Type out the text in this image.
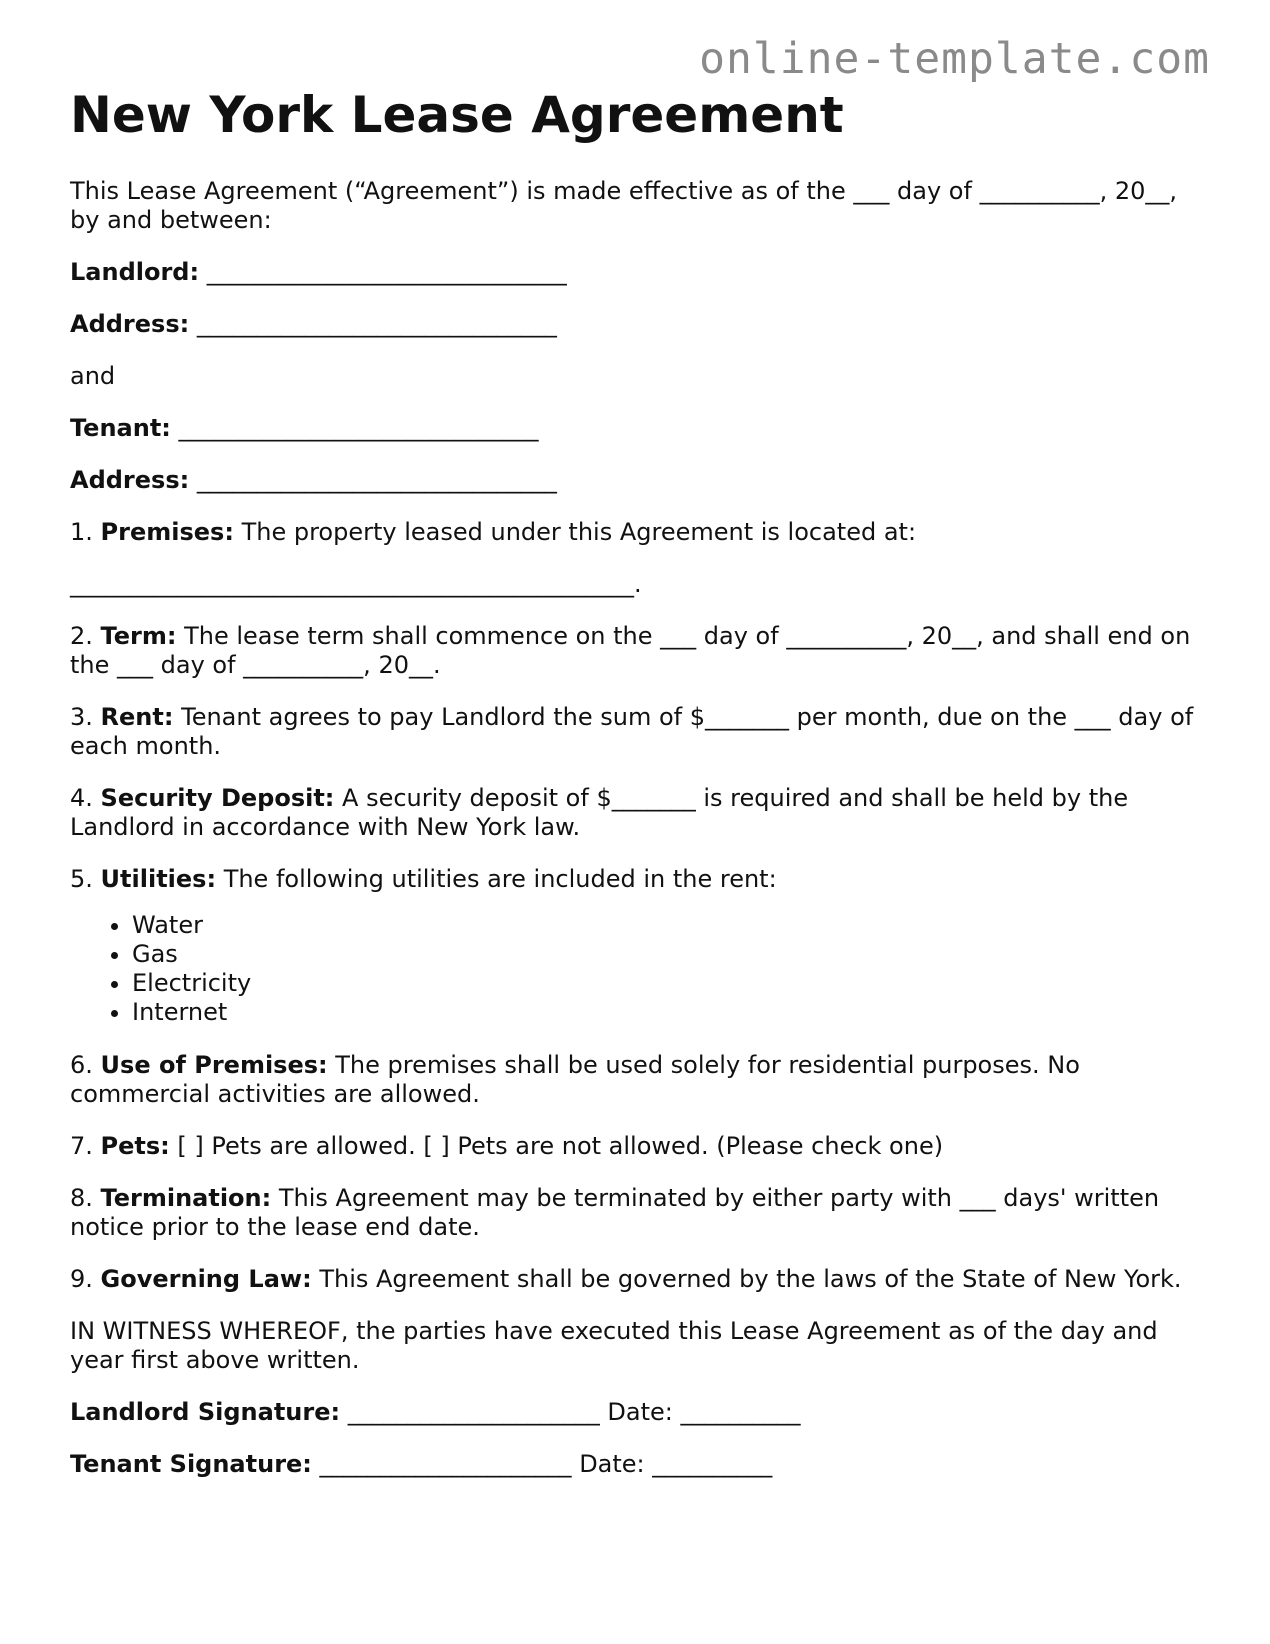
online-template.com
New York Lease Agreement

This Lease Agreement (“Agreement”) is made effective as of the ___ day of __________, 20__, by and between:

Landlord: ______________________________

Address: ______________________________

and

Tenant: ______________________________

Address: ______________________________

1. Premises: The property leased under this Agreement is located at:

_______________________________________________.

2. Term: The lease term shall commence on the ___ day of __________, 20__, and shall end on the ___ day of __________, 20__.

3. Rent: Tenant agrees to pay Landlord the sum of $_______ per month, due on the ___ day of each month.

4. Security Deposit: A security deposit of $_______ is required and shall be held by the Landlord in accordance with New York law.

5. Utilities: The following utilities are included in the rent:

• Water
• Gas
• Electricity
• Internet

6. Use of Premises: The premises shall be used solely for residential purposes. No commercial activities are allowed.

7. Pets: [ ] Pets are allowed. [ ] Pets are not allowed. (Please check one)

8. Termination: This Agreement may be terminated by either party with ___ days' written notice prior to the lease end date.

9. Governing Law: This Agreement shall be governed by the laws of the State of New York.

IN WITNESS WHEREOF, the parties have executed this Lease Agreement as of the day and year first above written.

Landlord Signature: _____________________ Date: __________

Tenant Signature: _____________________ Date: __________
